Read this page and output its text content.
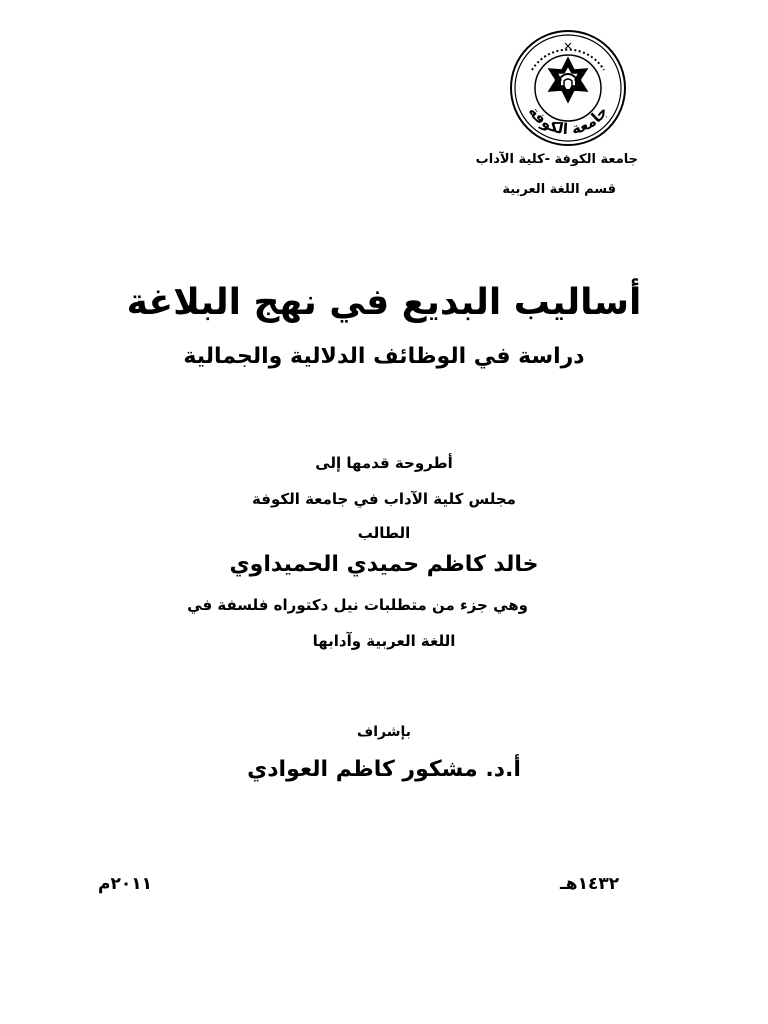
جامعة الكوفة
✕
جامعة الكوفة -كلية الآداب
قسم اللغة العربية
أساليب البديع في نهج البلاغة
دراسة في الوظائف الدلالية والجمالية
أطروحة قدمها إلى
مجلس كلية الآداب في جامعة الكوفة
الطالب
خالد كاظم حميدي الحميداوي
وهي جزء من متطلبات نيل دكتوراه فلسفة في
اللغة العربية وآدابها
بإشراف
أ.د. مشكور كاظم العوادي
١٤٣٢هـ
٢٠١١م
